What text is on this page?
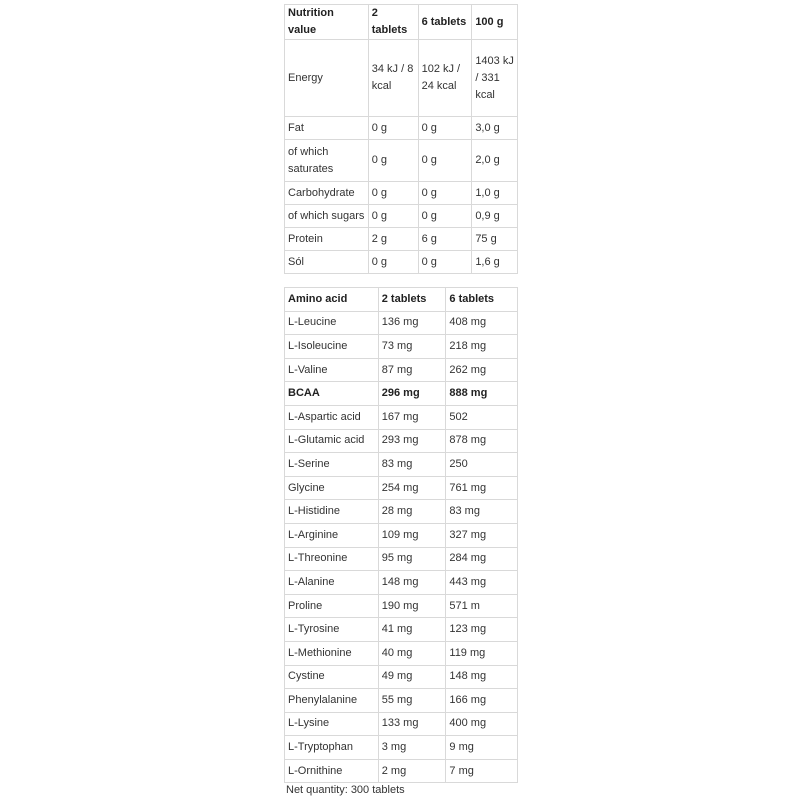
Nutrition value	2 tablets	6 tablets	100 g
Energy	34 kJ / 8 kcal	102 kJ / 24 kcal	1403 kJ / 331 kcal
Fat	0 g	0 g	3,0 g
of which saturates	0 g	0 g	2,0 g
Carbohydrate	0 g	0 g	1,0 g
of which sugars	0 g	0 g	0,9 g
Protein	2 g	6 g	75 g
Sól	0 g	0 g	1,6 g
Amino acid	2 tablets	6 tablets
L-Leucine	136 mg	408 mg
L-Isoleucine	73 mg	218 mg
L-Valine	87 mg	262 mg
BCAA	296 mg	888 mg
L-Aspartic acid	167 mg	502
L-Glutamic acid	293 mg	878 mg
L-Serine	83 mg	250
Glycine	254 mg	761 mg
L-Histidine	28 mg	83 mg
L-Arginine	109 mg	327 mg
L-Threonine	95 mg	284 mg
L-Alanine	148 mg	443 mg
Proline	190 mg	571 m
L-Tyrosine	41 mg	123 mg
L-Methionine	40 mg	119 mg
Cystine	49 mg	148 mg
Phenylalanine	55 mg	166 mg
L-Lysine	133 mg	400 mg
L-Tryptophan	3 mg	9 mg
L-Ornithine	2 mg	7 mg
Net quantity: 300 tablets
